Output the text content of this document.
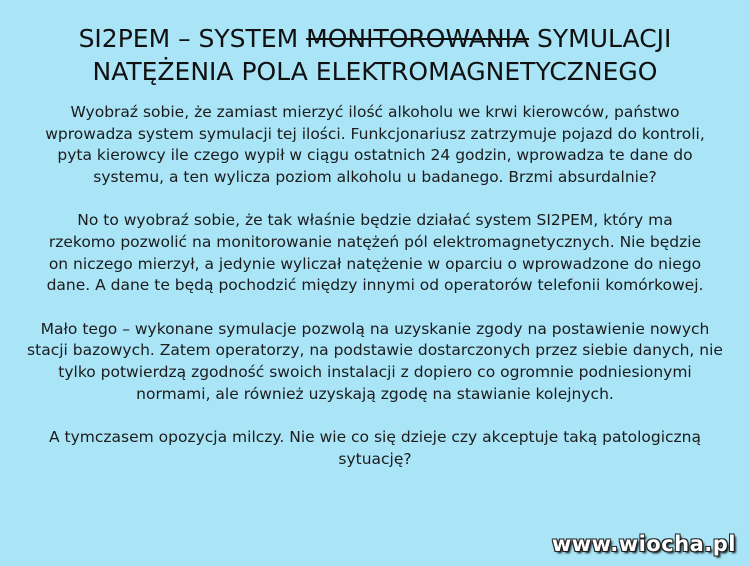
SI2PEM – SYSTEM MONITOROWANIA SYMULACJI
NATĘŻENIA POLA ELEKTROMAGNETYCZNEGO

Wyobraź sobie, że zamiast mierzyć ilość alkoholu we krwi kierowców, państwo wprowadza system symulacji tej ilości. Funkcjonariusz zatrzymuje pojazd do kontroli, pyta kierowcy ile czego wypił w ciągu ostatnich 24 godzin, wprowadza te dane do systemu, a ten wylicza poziom alkoholu u badanego. Brzmi absurdalnie?

No to wyobraź sobie, że tak właśnie będzie działać system SI2PEM, który ma rzekomo pozwolić na monitorowanie natężeń pól elektromagnetycznych. Nie będzie on niczego mierzył, a jedynie wyliczał natężenie w oparciu o wprowadzone do niego dane. A dane te będą pochodzić między innymi od operatorów telefonii komórkowej.

Mało tego – wykonane symulacje pozwolą na uzyskanie zgody na postawienie nowych stacji bazowych. Zatem operatorzy, na podstawie dostarczonych przez siebie danych, nie tylko potwierdzą zgodność swoich instalacji z dopiero co ogromnie podniesionymi normami, ale również uzyskają zgodę na stawianie kolejnych.

A tymczasem opozycja milczy. Nie wie co się dzieje czy akceptuje taką patologiczną sytuację?

www.wiocha.pl
